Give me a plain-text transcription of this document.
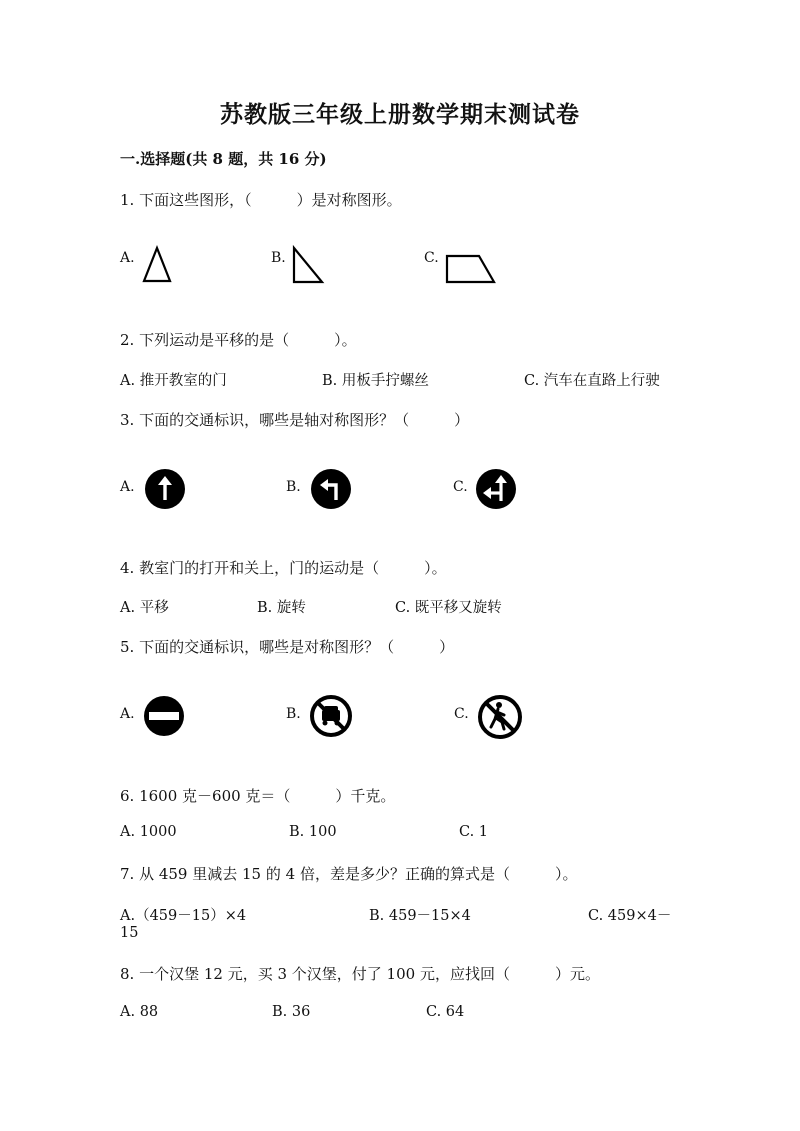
苏教版三年级上册数学期末测试卷
一.选择题(共 8 题，共 16 分)
1. 下面这些图形，（　　　）是对称图形。
A.	B.	C.
2. 下列运动是平移的是（　　　）。
A. 推开教室的门	B. 用板手拧螺丝	C. 汽车在直路上行驶
3. 下面的交通标识，哪些是轴对称图形？（　　　）
A.	B.	C.
4. 教室门的打开和关上，门的运动是（　　　）。
A. 平移	B. 旋转	C. 既平移又旋转
5. 下面的交通标识，哪些是对称图形？（　　　）
A.	B.	C.
6. 1600 克－600 克＝（　　　）千克。
A. 1000	B. 100	C. 1
7. 从 459 里减去 15 的 4 倍，差是多少？正确的算式是（　　　）。
A.（459－15）×4	B. 459－15×4	C. 459×4－
15
8. 一个汉堡 12 元，买 3 个汉堡，付了 100 元，应找回（　　　）元。
A. 88	B. 36	C. 64
